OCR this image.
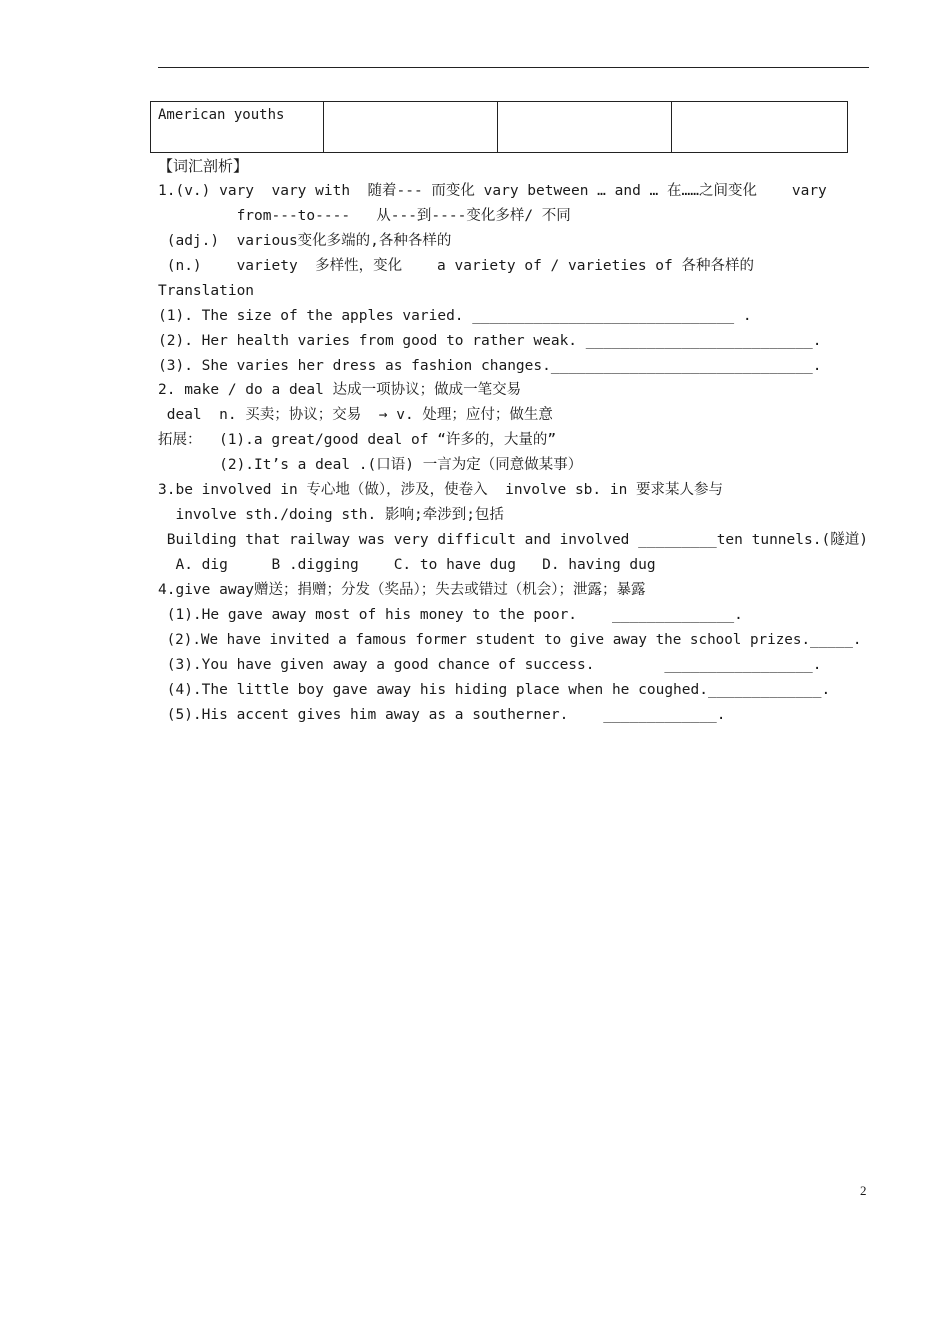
American youths			
【词汇剖析】
1.(v.) vary  vary with  随着--- 而变化 vary between … and … 在……之间变化    vary
from---to----   从---到----变化多样/ 不同
(adj.)  various变化多端的,各种各样的
(n.)    variety  多样性，变化    a variety of / varieties of 各种各样的
Translation
(1). The size of the apples varied. ______________________________ .
(2). Her health varies from good to rather weak. __________________________.
(3). She varies her dress as fashion changes.______________________________.
2. make / do a deal 达成一项协议；做成一笔交易
deal  n. 买卖；协议；交易  → v. 处理；应付；做生意
拓展：  (1).a great/good deal of “许多的，大量的”
(2).It’s a deal .(口语) 一言为定（同意做某事）
3.be involved in 专心地（做），涉及，使卷入  involve sb. in 要求某人参与
involve sth./doing sth. 影响;牵涉到;包括
Building that railway was very difficult and involved _________ten tunnels.(隧道)
A. dig     B .digging    C. to have dug   D. having dug
4.give away赠送；捐赠；分发（奖品）；失去或错过（机会）；泄露；暴露
(1).He gave away most of his money to the poor.    ______________.
(2).We have invited a famous former student to give away the school prizes._____.
(3).You have given away a good chance of success.        _________________.
(4).The little boy gave away his hiding place when he coughed._____________.
(5).His accent gives him away as a southerner.    _____________.
2
